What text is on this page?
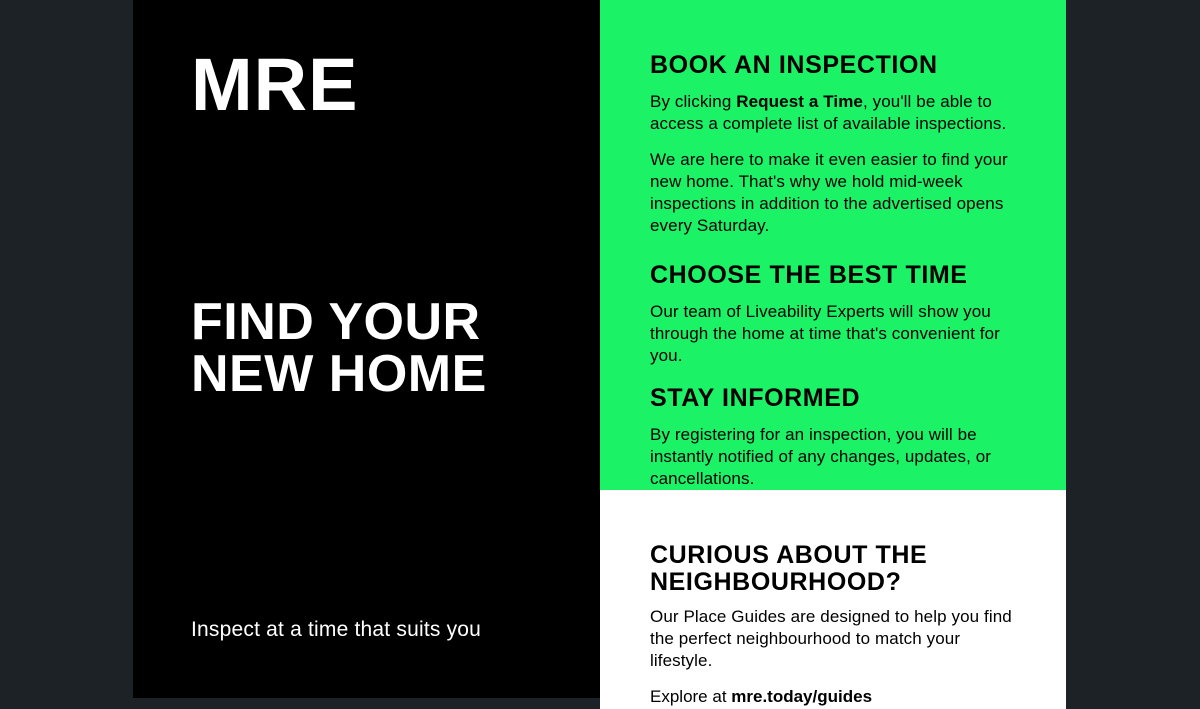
MRE
FIND YOUR
NEW HOME
Inspect at a time that suits you
BOOK AN INSPECTION

By clicking Request a Time, you'll be able to access a complete list of available inspections.

We are here to make it even easier to find your new home. That's why we hold mid-week inspections in addition to the advertised opens every Saturday.

CHOOSE THE BEST TIME

Our team of Liveability Experts will show you through the home at time that's convenient for you.

STAY INFORMED

By registering for an inspection, you will be instantly notified of any changes, updates, or cancellations.

CURIOUS ABOUT THE
NEIGHBOURHOOD?

Our Place Guides are designed to help you find the perfect neighbourhood to match your lifestyle.

Explore at mre.today/guides
